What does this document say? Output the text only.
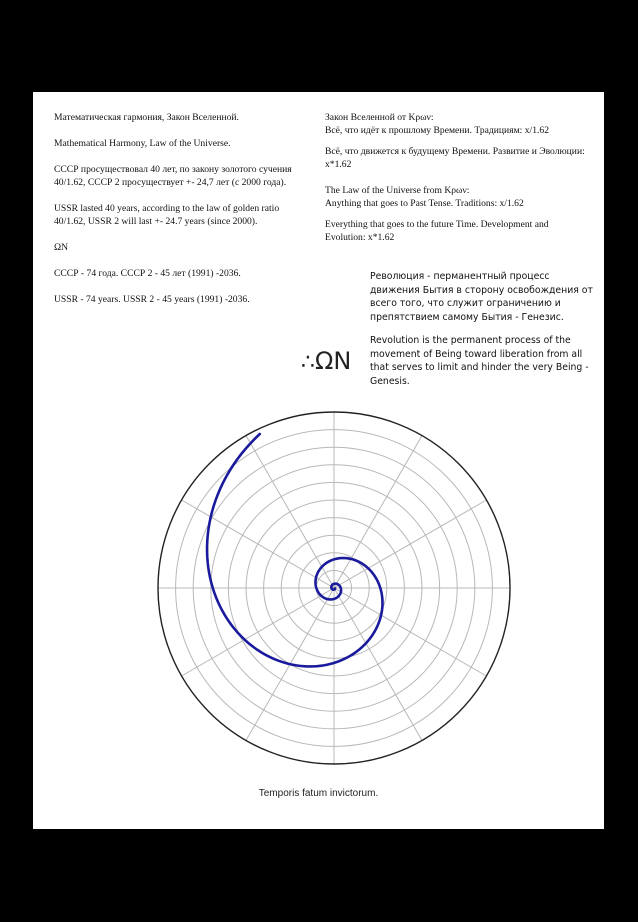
Математическая гармония, Закон Вселенной.

Mathematical Harmony, Law of the Universe.

СССР просуществовал 40 лет, по закону золотого сучения 40/1.62, СССР 2 просуществует +- 24,7 лет (с 2000 года).

USSR lasted 40 years, according to the law of golden ratio 40/1.62, USSR 2 will last +- 24.7 years (since 2000).

ΩN

СССР - 74 года. СССР 2 - 45 лет (1991) -2036.

USSR - 74 years. USSR 2 - 45 years (1991) -2036.

Закон Вселенной от Κρων:
Всё, что идёт к прошлому Времени. Традициям: x/1.62

Всё, что движется к будущему Времени. Развитие и Эволюции: x*1.62

The Law of the Universe from Κρων:
Anything that goes to Past Tense. Traditions: x/1.62

Everything that goes to the future Time. Development and Evolution: x*1.62

Революция - перманентный процесс движения Бытия в сторону освобождения от всего того, что служит ограничению и препятствием самому Бытия - Генезис.

Revolution is the permanent process of the movement of Being toward liberation from all that serves to limit and hinder the very Being - Genesis.

∴ΩN
Temporis fatum invictorum.
